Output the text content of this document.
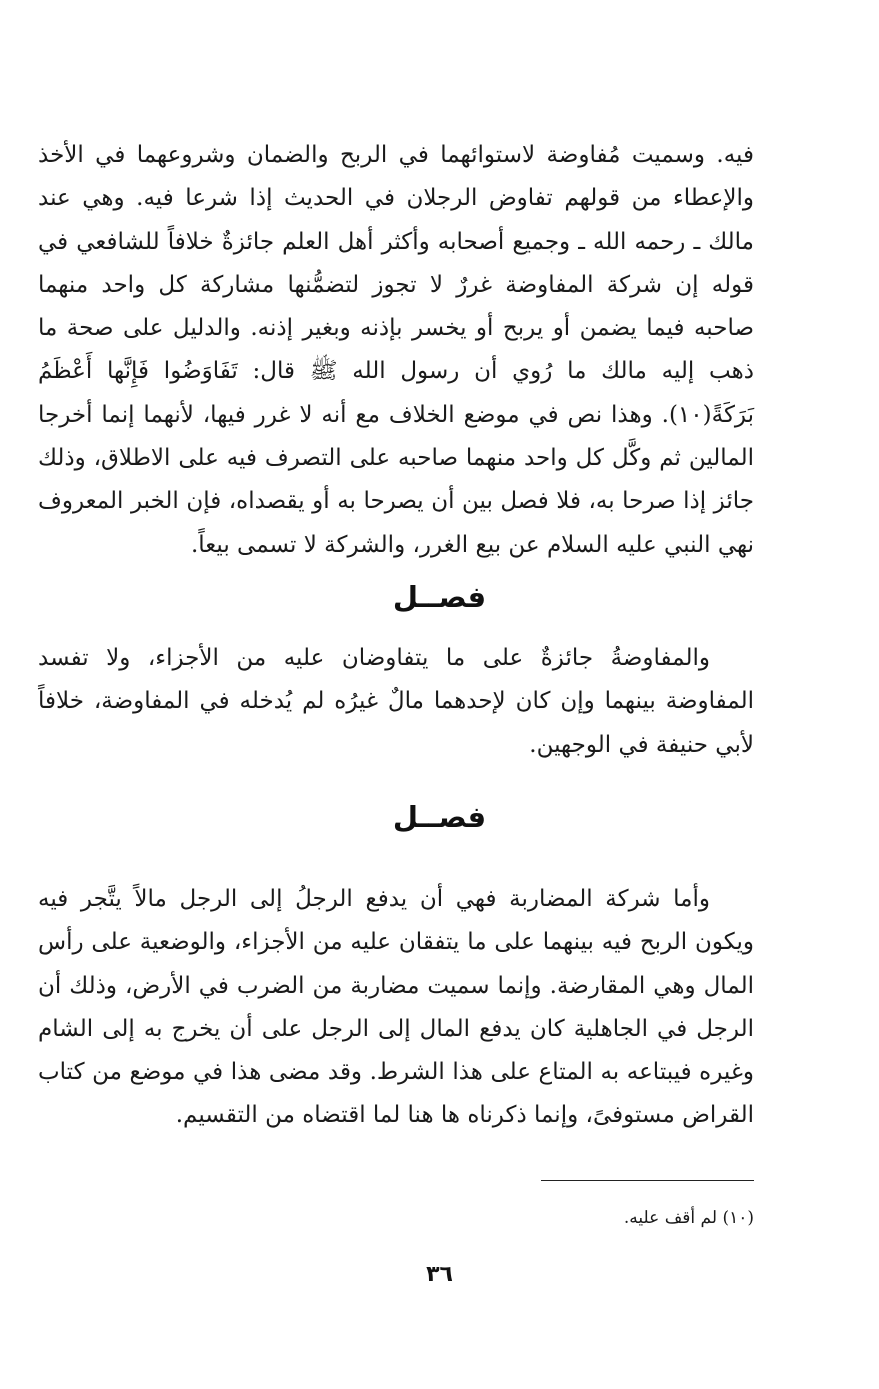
فيه. وسميت مُفاوضة لاستوائهما في الربح والضمان وشروعهما في الأخذ والإعطاء من قولهم تفاوض الرجلان في الحديث إذا شرعا فيه. وهي عند مالك ـ رحمه الله ـ وجميع أصحابه وأكثر أهل العلم جائزةٌ خلافاً للشافعي في قوله إن شركة المفاوضة غررٌ لا تجوز لتضمُّنها مشاركة كل واحد منهما صاحبه فيما يضمن أو يربح أو يخسر بإذنه وبغير إذنه. والدليل على صحة ما ذهب إليه مالك ما رُوي أن رسول الله ﷺ قال: تَفَاوَضُوا فَإِنَّها أَعْظَمُ بَرَكَةً(١٠). وهذا نص في موضع الخلاف مع أنه لا غرر فيها، لأنهما إنما أخرجا المالين ثم وكَّل كل واحد منهما صاحبه على التصرف فيه على الاطلاق، وذلك جائز إذا صرحا به، فلا فصل بين أن يصرحا به أو يقصداه، فإن الخبر المعروف نهي النبي عليه السلام عن بيع الغرر، والشركة لا تسمى بيعاً.

فصــل

والمفاوضةُ جائزةٌ على ما يتفاوضان عليه من الأجزاء، ولا تفسد المفاوضة بينهما وإن كان لإحدهما مالٌ غيرُه لم يُدخله في المفاوضة، خلافاً لأبي حنيفة في الوجهين.

فصــل

وأما شركة المضاربة فهي أن يدفع الرجلُ إلى الرجل مالاً يتَّجر فيه ويكون الربح فيه بينهما على ما يتفقان عليه من الأجزاء، والوضعية على رأس المال وهي المقارضة. وإنما سميت مضاربة من الضرب في الأرض، وذلك أن الرجل في الجاهلية كان يدفع المال إلى الرجل على أن يخرج به إلى الشام وغيره فيبتاعه به المتاع على هذا الشرط. وقد مضى هذا في موضع من كتاب القراض مستوفىً، وإنما ذكرناه ها هنا لما اقتضاه من التقسيم.

(١٠) لم أقف عليه.
٣٦
